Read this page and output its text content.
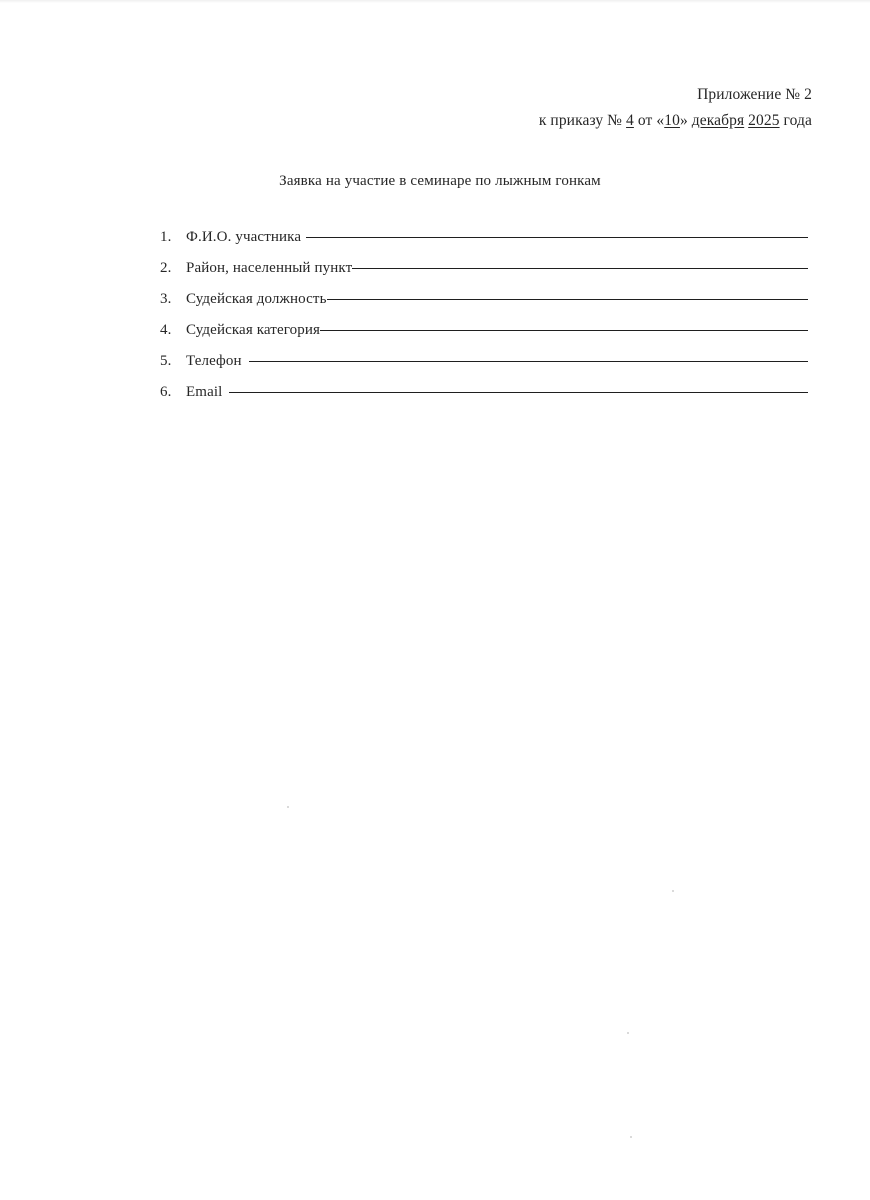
Приложение № 2
к приказу № 4 от «10» декабря 2025 года
Заявка на участие в семинаре по лыжным гонкам
1. Ф.И.О. участника
2. Район, населенный пункт
3. Судейская должность
4. Судейская категория
5. Телефон
6. Email
